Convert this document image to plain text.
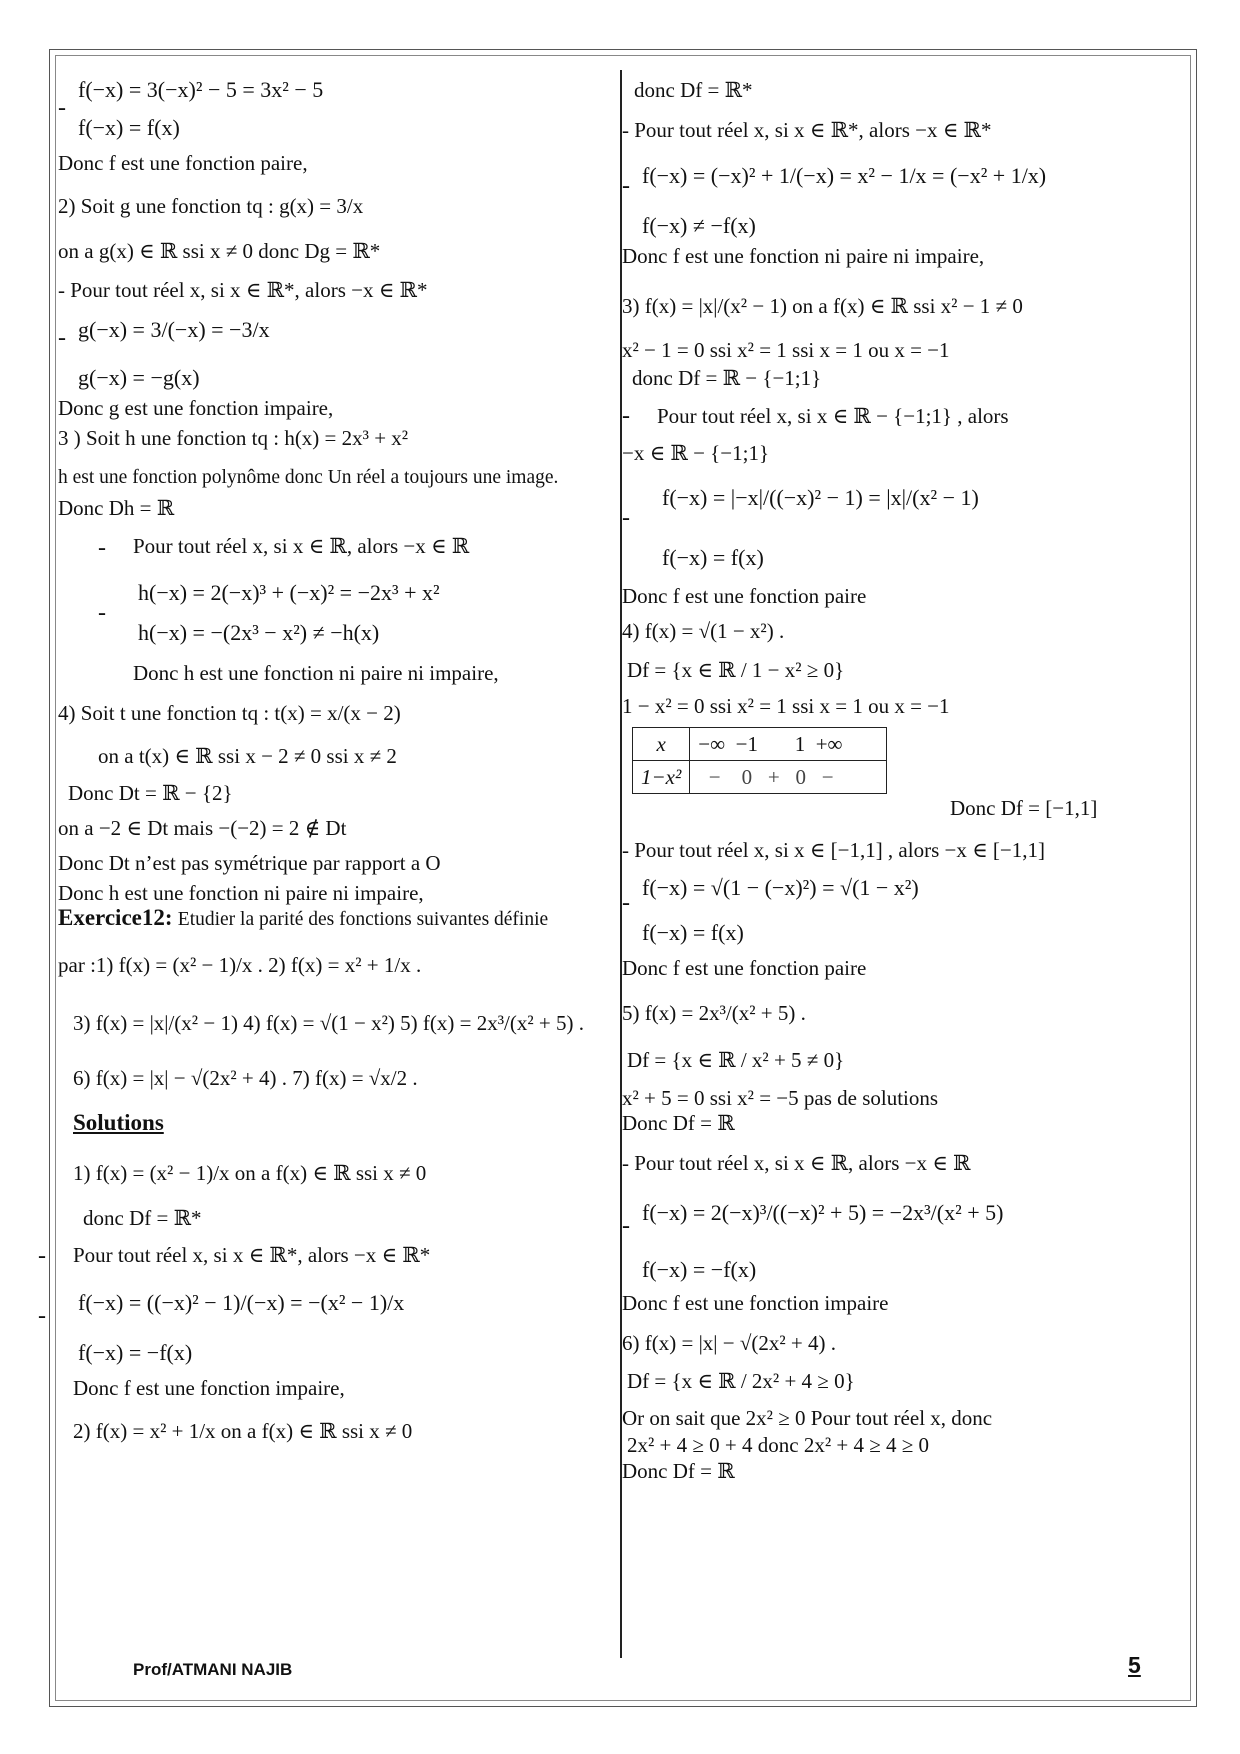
-
f(−x) = 3(−x)² − 5 = 3x² − 5
f(−x) = f(x)
Donc f est une fonction paire,
2) Soit g une fonction tq : g(x) = 3/x
on a g(x) ∈ ℝ ssi x ≠ 0 donc Dg = ℝ*
- Pour tout réel x, si x ∈ ℝ*, alors −x ∈ ℝ*
- g(−x) = 3/(−x) = −3/x
g(−x) = −g(x)
Donc g est une fonction impaire,
3 ) Soit h une fonction tq : h(x) = 2x³ + x²
h est une fonction polynôme donc Un réel a toujours une image.
Donc Dh = ℝ
- Pour tout réel x, si x ∈ ℝ, alors −x ∈ ℝ
-
h(−x) = 2(−x)³ + (−x)² = −2x³ + x²
h(−x) = −(2x³ − x²) ≠ −h(x)
Donc h est une fonction ni paire ni impaire,
4) Soit t une fonction tq : t(x) = x/(x − 2)
on a t(x) ∈ ℝ ssi x − 2 ≠ 0 ssi x ≠ 2
Donc Dt = ℝ − {2}
on a −2 ∈ Dt mais −(−2) = 2 ∉ Dt
Donc Dt n’est pas symétrique par rapport a O
Donc h est une fonction ni paire ni impaire,
Exercice12: Etudier la parité des fonctions suivantes définie
par :1) f(x) = (x² − 1)/x . 2) f(x) = x² + 1/x .
3) f(x) = |x|/(x² − 1) 4) f(x) = √(1 − x²) 5) f(x) = 2x³/(x² + 5) .
6) f(x) = |x| − √(2x² + 4) . 7) f(x) = √x/2 .
Solutions
1) f(x) = (x² − 1)/x on a f(x) ∈ ℝ ssi x ≠ 0
donc Df = ℝ*
- Pour tout réel x, si x ∈ ℝ*, alors −x ∈ ℝ*
-
f(−x) = ((−x)² − 1)/(−x) = −(x² − 1)/x
f(−x) = −f(x)
Donc f est une fonction impaire,
2) f(x) = x² + 1/x on a f(x) ∈ ℝ ssi x ≠ 0
donc Df = ℝ*
- Pour tout réel x, si x ∈ ℝ*, alors −x ∈ ℝ*
- f(−x) = (−x)² + 1/(−x) = x² − 1/x = (−x² + 1/x)
f(−x) ≠ −f(x)
Donc f est une fonction ni paire ni impaire,
3) f(x) = |x|/(x² − 1) on a f(x) ∈ ℝ ssi x² − 1 ≠ 0
x² − 1 = 0 ssi x² = 1 ssi x = 1 ou x = −1
donc Df = ℝ − {−1;1}
- Pour tout réel x, si x ∈ ℝ − {−1;1} , alors
−x ∈ ℝ − {−1;1}
-
f(−x) = |−x|/((−x)² − 1) = |x|/(x² − 1)
f(−x) = f(x)
Donc f est une fonction paire
4) f(x) = √(1 − x²) .
Df = {x ∈ ℝ / 1 − x² ≥ 0}
1 − x² = 0 ssi x² = 1 ssi x = 1 ou x = −1
x	−∞ −1 1 +∞
1−x²	− 0 + 0 −
Donc Df = [−1,1]
- Pour tout réel x, si x ∈ [−1,1] , alors −x ∈ [−1,1]
-
f(−x) = √(1 − (−x)²) = √(1 − x²)
f(−x) = f(x)
Donc f est une fonction paire
5) f(x) = 2x³/(x² + 5) .
Df = {x ∈ ℝ / x² + 5 ≠ 0}
x² + 5 = 0 ssi x² = −5 pas de solutions
Donc Df = ℝ
- Pour tout réel x, si x ∈ ℝ, alors −x ∈ ℝ
-
f(−x) = 2(−x)³/((−x)² + 5) = −2x³/(x² + 5)
f(−x) = −f(x)
Donc f est une fonction impaire
6) f(x) = |x| − √(2x² + 4) .
Df = {x ∈ ℝ / 2x² + 4 ≥ 0}
Or on sait que 2x² ≥ 0 Pour tout réel x, donc
2x² + 4 ≥ 0 + 4 donc 2x² + 4 ≥ 4 ≥ 0
Donc Df = ℝ
Prof/ATMANI NAJIB	5
